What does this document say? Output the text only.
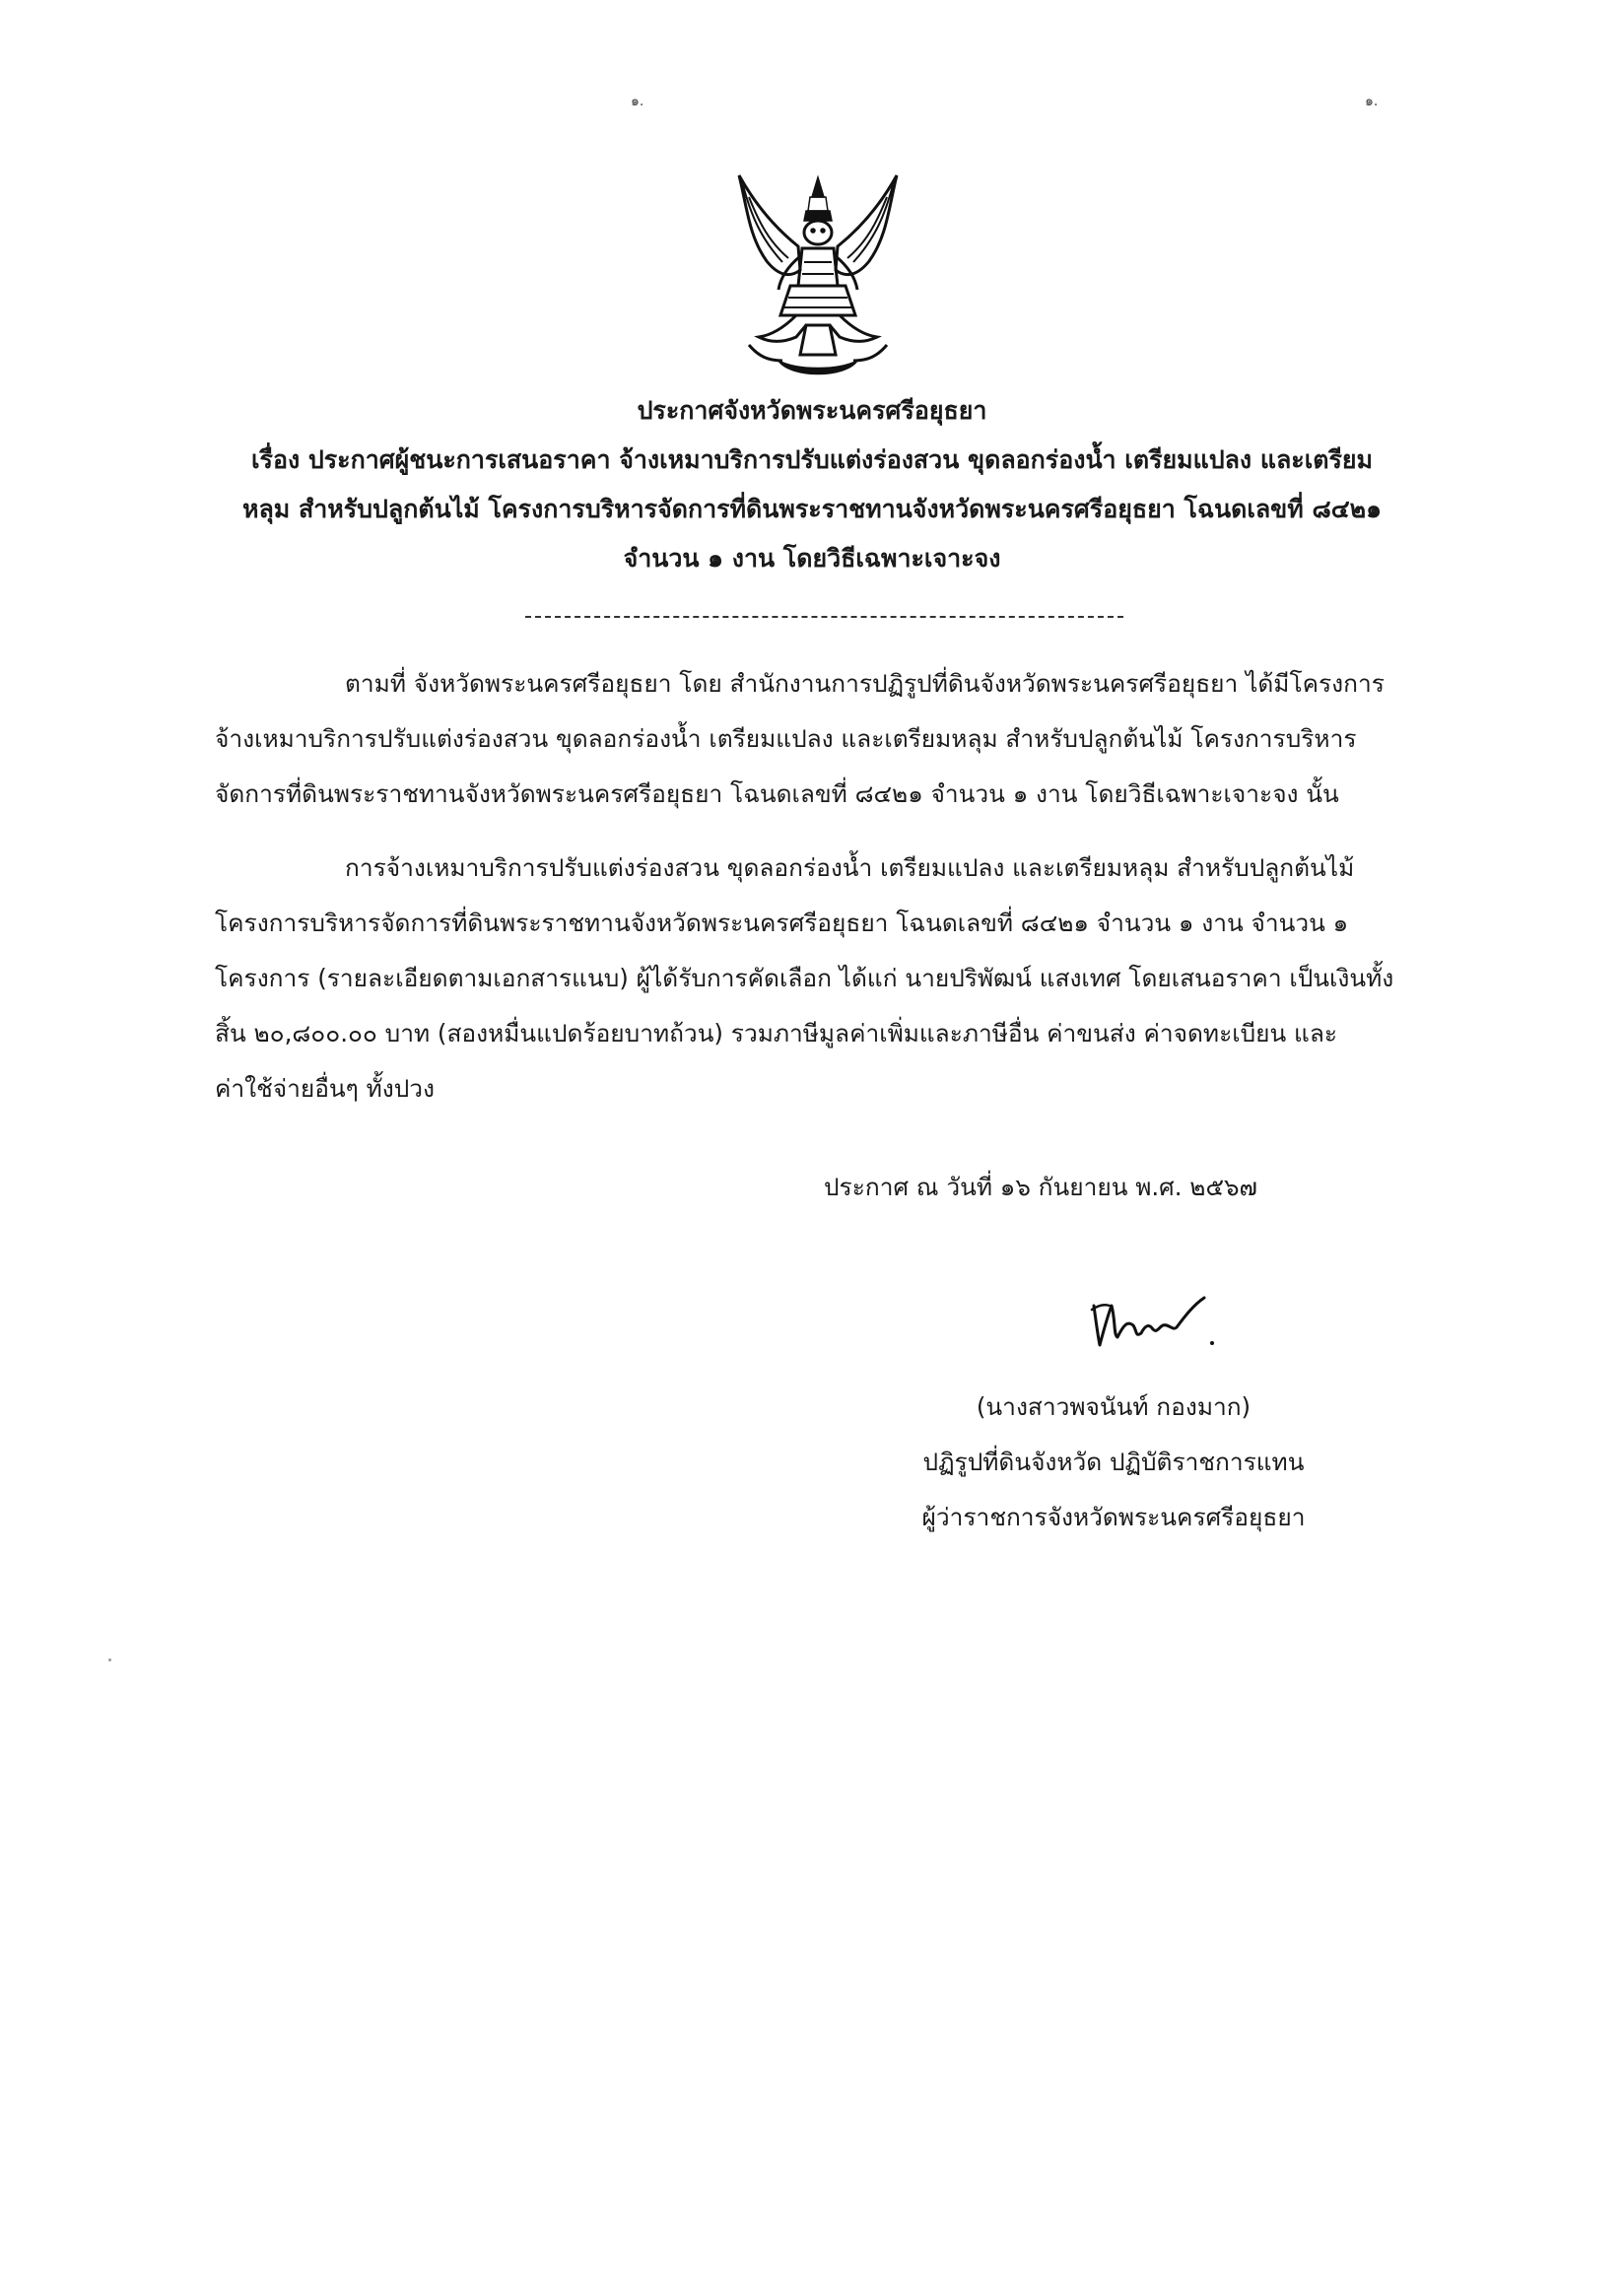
๑.	๑.
ประกาศจังหวัดพระนครศรีอยุธยา
เรื่อง ประกาศผู้ชนะการเสนอราคา จ้างเหมาบริการปรับแต่งร่องสวน ขุดลอกร่องน้ำ เตรียมแปลง และเตรียม
หลุม สำหรับปลูกต้นไม้ โครงการบริหารจัดการที่ดินพระราชทานจังหวัดพระนครศรีอยุธยา โฉนดเลขที่ ๘๔๒๑
จำนวน ๑ งาน โดยวิธีเฉพาะเจาะจง
ตามที่ จังหวัดพระนครศรีอยุธยา โดย สำนักงานการปฏิรูปที่ดินจังหวัดพระนครศรีอยุธยา ได้มีโครงการ
จ้างเหมาบริการปรับแต่งร่องสวน ขุดลอกร่องน้ำ เตรียมแปลง และเตรียมหลุม สำหรับปลูกต้นไม้ โครงการบริหาร
จัดการที่ดินพระราชทานจังหวัดพระนครศรีอยุธยา โฉนดเลขที่ ๘๔๒๑ จำนวน ๑ งาน โดยวิธีเฉพาะเจาะจง นั้น
การจ้างเหมาบริการปรับแต่งร่องสวน ขุดลอกร่องน้ำ เตรียมแปลง และเตรียมหลุม สำหรับปลูกต้นไม้
โครงการบริหารจัดการที่ดินพระราชทานจังหวัดพระนครศรีอยุธยา โฉนดเลขที่ ๘๔๒๑ จำนวน ๑ งาน จำนวน ๑
โครงการ (รายละเอียดตามเอกสารแนบ) ผู้ได้รับการคัดเลือก ได้แก่ นายปริพัฒน์ แสงเทศ โดยเสนอราคา เป็นเงินทั้ง
สิ้น ๒๐,๘๐๐.๐๐ บาท (สองหมื่นแปดร้อยบาทถ้วน) รวมภาษีมูลค่าเพิ่มและภาษีอื่น ค่าขนส่ง ค่าจดทะเบียน และ
ค่าใช้จ่ายอื่นๆ ทั้งปวง
ประกาศ ณ วันที่ ๑๖ กันยายน พ.ศ. ๒๕๖๗
(นางสาวพจนันท์ กองมาก)
ปฏิรูปที่ดินจังหวัด ปฏิบัติราชการแทน
ผู้ว่าราชการจังหวัดพระนครศรีอยุธยา
